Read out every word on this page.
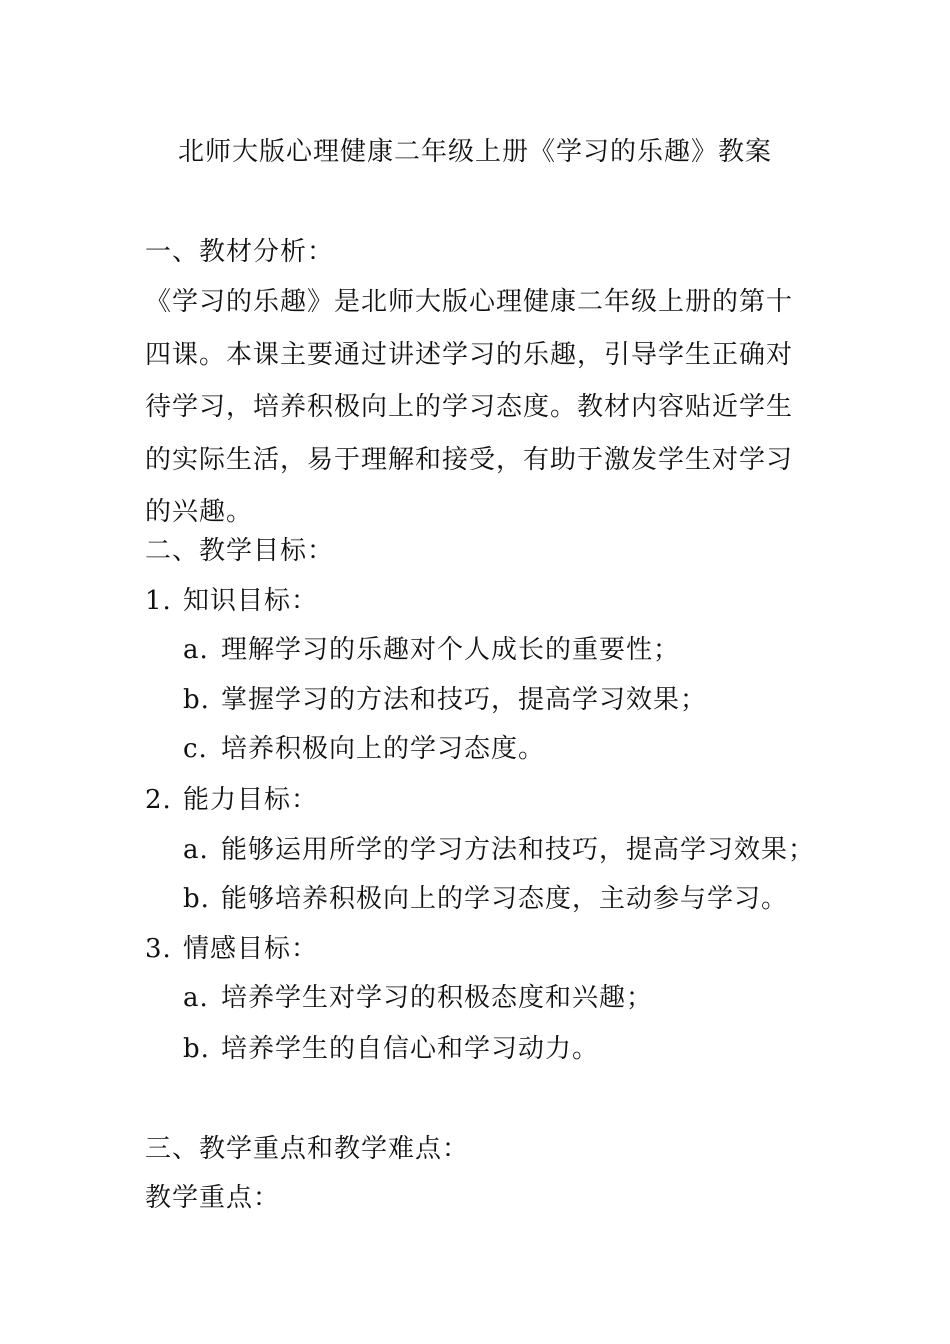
北师大版心理健康二年级上册《学习的乐趣》教案
一、教材分析：
《学习的乐趣》是北师大版心理健康二年级上册的第十四课。本课主要通过讲述学习的乐趣，引导学生正确对待学习，培养积极向上的学习态度。教材内容贴近学生的实际生活，易于理解和接受，有助于激发学生对学习的兴趣。
二、教学目标：
1. 知识目标：
a. 理解学习的乐趣对个人成长的重要性；
b. 掌握学习的方法和技巧，提高学习效果；
c. 培养积极向上的学习态度。
2. 能力目标：
a. 能够运用所学的学习方法和技巧，提高学习效果；
b. 能够培养积极向上的学习态度，主动参与学习。
3. 情感目标：
a. 培养学生对学习的积极态度和兴趣；
b. 培养学生的自信心和学习动力。
三、教学重点和教学难点：
教学重点：
